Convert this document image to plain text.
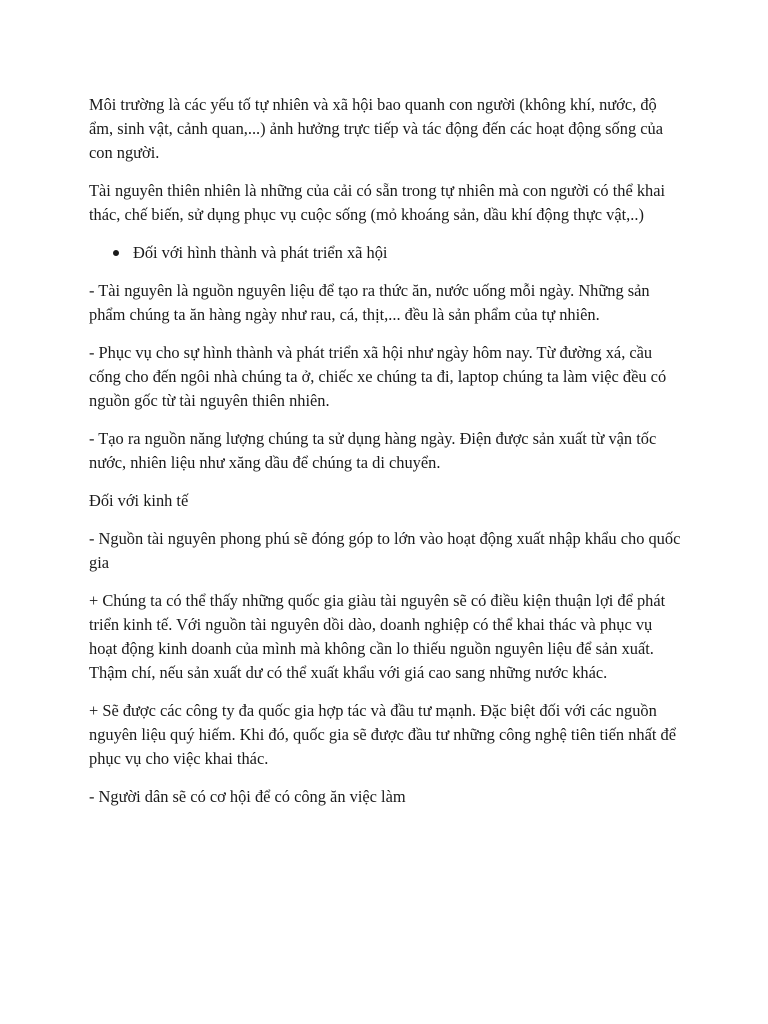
Môi trường là các yếu tố tự nhiên và xã hội bao quanh con người (không khí, nước, độ ẩm, sinh vật, cảnh quan,...) ảnh hưởng trực tiếp và tác động đến các hoạt động sống của con người.

Tài nguyên thiên nhiên là những của cải có sẵn trong tự nhiên mà con người có thể khai thác, chế biến, sử dụng phục vụ cuộc sống (mỏ khoáng sản, dầu khí động thực vật,..)

Đối với hình thành và phát triển xã hội

- Tài nguyên là nguồn nguyên liệu để tạo ra thức ăn, nước uống mỗi ngày. Những sản phẩm chúng ta ăn hàng ngày như rau, cá, thịt,... đều là sản phẩm của tự nhiên.

- Phục vụ cho sự hình thành và phát triển xã hội như ngày hôm nay. Từ đường xá, cầu cống cho đến ngôi nhà chúng ta ở, chiếc xe chúng ta đi, laptop chúng ta làm việc đều có nguồn gốc từ tài nguyên thiên nhiên.

- Tạo ra nguồn năng lượng chúng ta sử dụng hàng ngày. Điện được sản xuất từ vận tốc nước, nhiên liệu như xăng dầu để chúng ta di chuyển.

Đối với kinh tế

- Nguồn tài nguyên phong phú sẽ đóng góp to lớn vào hoạt động xuất nhập khẩu cho quốc gia

+ Chúng ta có thể thấy những quốc gia giàu tài nguyên sẽ có điều kiện thuận lợi để phát triển kinh tế. Với nguồn tài nguyên dồi dào, doanh nghiệp có thể khai thác và phục vụ hoạt động kinh doanh của mình mà không cần lo thiếu nguồn nguyên liệu để sản xuất. Thậm chí, nếu sản xuất dư có thể xuất khẩu với giá cao sang những nước khác.

+ Sẽ được các công ty đa quốc gia hợp tác và đầu tư mạnh. Đặc biệt đối với các nguồn nguyên liệu quý hiếm. Khi đó, quốc gia sẽ được đầu tư những công nghệ tiên tiến nhất để phục vụ cho việc khai thác.

- Người dân sẽ có cơ hội để có công ăn việc làm
